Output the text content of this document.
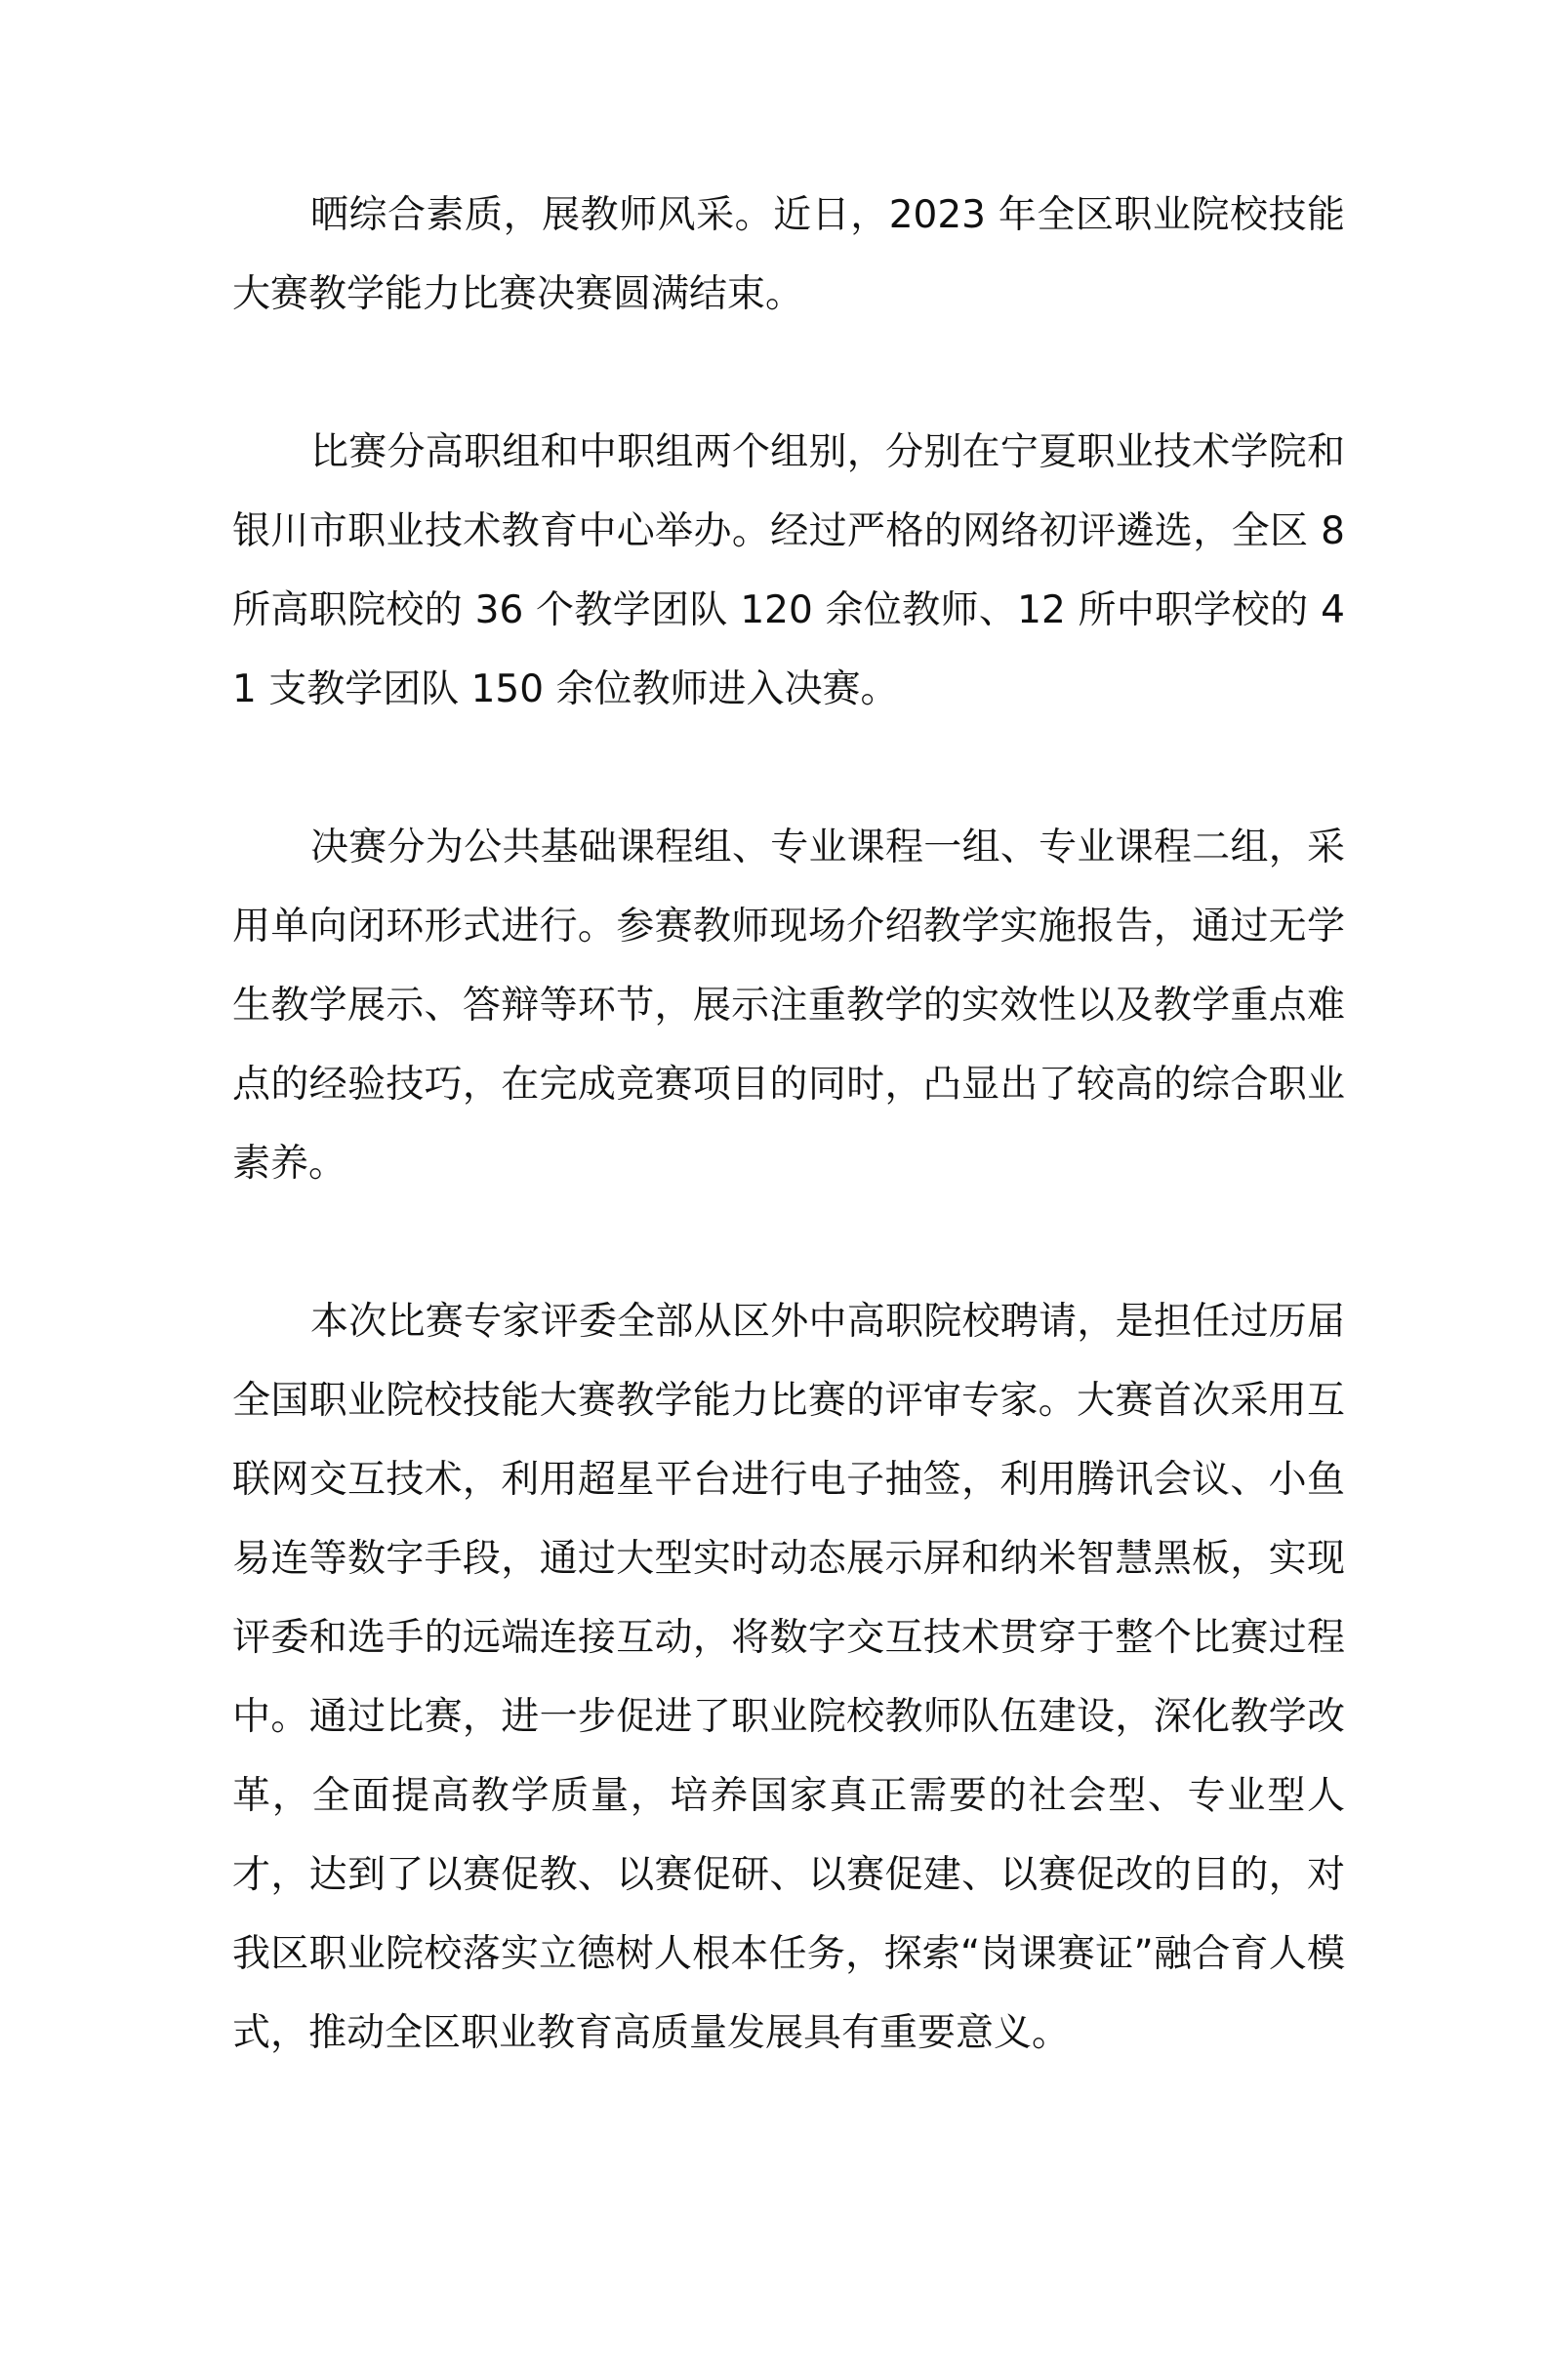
晒综合素质，展教师风采。近日，2023 年全区职业院校技能大赛教学能力比赛决赛圆满结束。

比赛分高职组和中职组两个组别，分别在宁夏职业技术学院和银川市职业技术教育中心举办。经过严格的网络初评遴选，全区 8 所高职院校的 36 个教学团队 120 余位教师、12 所中职学校的 41 支教学团队 150 余位教师进入决赛。

决赛分为公共基础课程组、专业课程一组、专业课程二组，采用单向闭环形式进行。参赛教师现场介绍教学实施报告，通过无学生教学展示、答辩等环节，展示注重教学的实效性以及教学重点难点的经验技巧，在完成竞赛项目的同时，凸显出了较高的综合职业素养。

本次比赛专家评委全部从区外中高职院校聘请，是担任过历届全国职业院校技能大赛教学能力比赛的评审专家。大赛首次采用互联网交互技术，利用超星平台进行电子抽签，利用腾讯会议、小鱼易连等数字手段，通过大型实时动态展示屏和纳米智慧黑板，实现评委和选手的远端连接互动，将数字交互技术贯穿于整个比赛过程中。通过比赛，进一步促进了职业院校教师队伍建设，深化教学改革，全面提高教学质量，培养国家真正需要的社会型、专业型人才，达到了以赛促教、以赛促研、以赛促建、以赛促改的目的，对我区职业院校落实立德树人根本任务，探索“岗课赛证”融合育人模式，推动全区职业教育高质量发展具有重要意义。
